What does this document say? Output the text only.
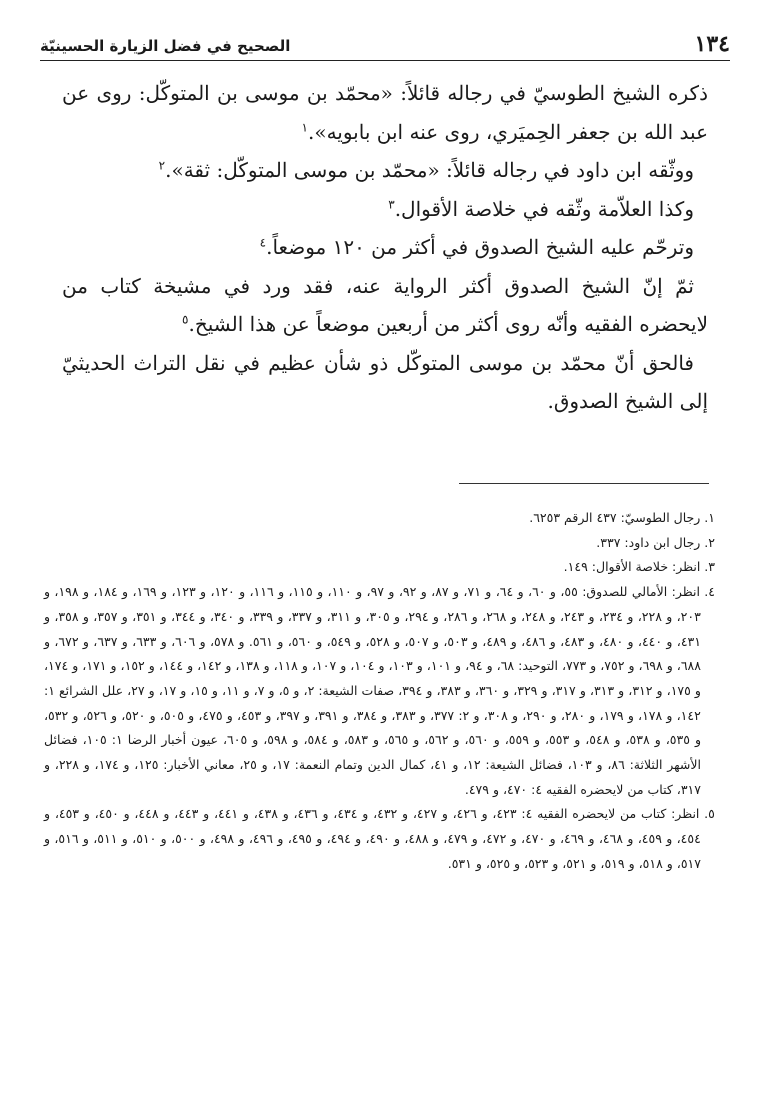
١٣٤
الصحيح في فضل الزيارة الحسينيّة

ذكره الشيخ الطوسيّ في رجاله قائلاً: «محمّد بن موسى بن المتوكّل: روى عن عبد الله بن جعفر الحِميَري، روى عنه ابن بابويه».$^١$

ووثّقه ابن داود في رجاله قائلاً: «محمّد بن موسى المتوكّل: ثقة».$^٢$

وكذا العلاّمة وثّقه في خلاصة الأقوال.$^٣$

وترحّم عليه الشيخ الصدوق في أكثر من ١٢٠ موضعاً.$^٤$

ثمّ إنّ الشيخ الصدوق أكثر الرواية عنه، فقد ورد في مشيخة كتاب من لايحضره الفقيه وأنّه روى أكثر من أربعين موضعاً عن هذا الشيخ.$^٥$

فالحق أنّ محمّد بن موسى المتوكّل ذو شأن عظيم في نقل التراث الحديثيّ إلى الشيخ الصدوق.

١. رجال الطوسيّ: ٤٣٧ الرقم ٦٢٥٣.

٢. رجال ابن داود: ٣٣٧.

٣. انظر: خلاصة الأقوال: ١٤٩.

٤. انظر: الأمالي للصدوق: ٥٥، و ٦٠، و ٦٤، و ٧١، و ٨٧، و ٩٢، و ٩٧، و ١١٠، و ١١٥، و ١١٦، و ١٢٠، و ١٢٣، و ١٦٩، و ١٨٤، و ١٩٨، و ٢٠٣، و ٢٢٨، و ٢٣٤، و ٢٤٣، و ٢٤٨، و ٢٦٨، و ٢٨٦، و ٢٩٤، و ٣٠٥، و ٣١١، و ٣٣٧، و ٣٣٩، و ٣٤٠، و ٣٤٤، و ٣٥١، و ٣٥٧، و ٣٥٨، و ٤٣١، و ٤٤٠، و ٤٨٠، و ٤٨٣، و ٤٨٦، و ٤٨٩، و ٥٠٣، و ٥٠٧، و ٥٢٨، و ٥٤٩، و ٥٦٠، و ٥٦١. و ٥٧٨، و ٦٠٦، و ٦٣٣، و ٦٣٧، و ٦٧٢، و ٦٨٨، و ٦٩٨، و ٧٥٢، و ٧٧٣، التوحيد: ٦٨، و ٩٤، و ١٠١، و ١٠٣، و ١٠٤، و ١٠٧، و ١١٨، و ١٣٨، و ١٤٢، و ١٤٤، و ١٥٢، و ١٧١، و ١٧٤، و ١٧٥، و ٣١٢، و ٣١٣، و ٣١٧، و ٣٢٩، و ٣٦٠، و ٣٨٣، و ٣٩٤، صفات الشيعة: ٢، و ٥، و ٧، و ١١، و ١٥، و ١٧، و ٢٧، علل الشرائع ١: ١٤٢، و ١٧٨، و ١٧٩، و ٢٨٠، و ٢٩٠، و ٣٠٨، و ٢: ٣٧٧، و ٣٨٣، و ٣٨٤، و ٣٩١، و ٣٩٧، و ٤٥٣، و ٤٧٥، و ٥٠٥، و ٥٢٠، و ٥٢٦، و ٥٣٢، و ٥٣٥، و ٥٣٨، و ٥٤٨، و ٥٥٣، و ٥٥٩، و ٥٦٠، و ٥٦٢، و ٥٦٥، و ٥٨٣، و ٥٨٤، و ٥٩٨، و ٦٠٥، عيون أخبار الرضا ١: ١٠٥، فضائل الأشهر الثلاثة: ٨٦، و ١٠٣، فضائل الشيعة: ١٢، و ٤١، كمال الدين وتمام النعمة: ١٧، و ٢٥، معاني الأخبار: ١٢٥، و ١٧٤، و ٢٢٨، و ٣١٧، كتاب من لايحضره الفقيه ٤: ٤٧٠، و ٤٧٩.

٥. انظر: كتاب من لايحضره الفقيه ٤: ٤٢٣، و ٤٢٦، و ٤٢٧، و ٤٣٢، و ٤٣٤، و ٤٣٦، و ٤٣٨، و ٤٤١، و ٤٤٣، و ٤٤٨، و ٤٥٠، و ٤٥٣، و ٤٥٤، و ٤٥٩، و ٤٦٨، و ٤٦٩، و ٤٧٠، و ٤٧٢، و ٤٧٩، و ٤٨٨، و ٤٩٠، و ٤٩٤، و ٤٩٥، و ٤٩٦، و ٤٩٨، و ٥٠٠، و ٥١٠، و ٥١١، و ٥١٦، و ٥١٧، و ٥١٨، و ٥١٩، و ٥٢١، و ٥٢٣، و ٥٢٥، و ٥٣١.
